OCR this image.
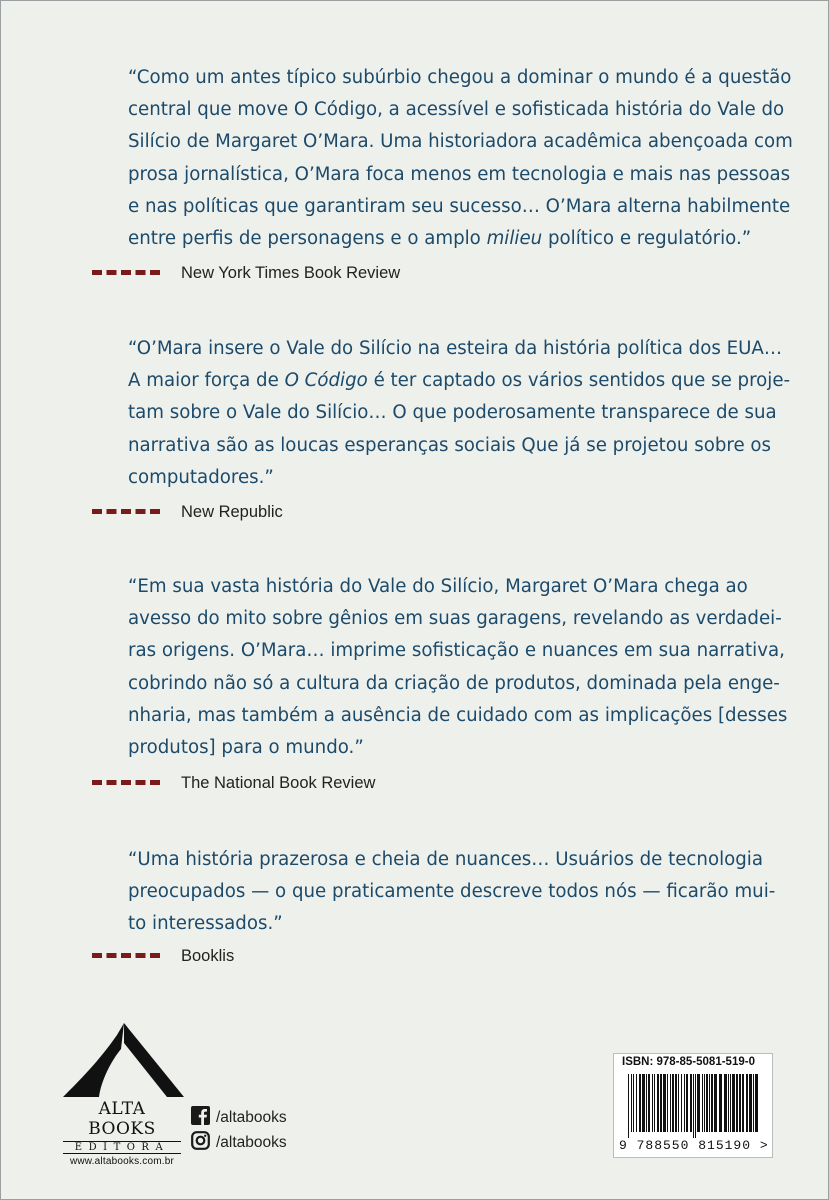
“Como um antes típico subúrbio chegou a dominar o mundo é a questão
central que move O Código, a acessível e sofisticada história do Vale do
Silício de Margaret O’Mara. Uma historiadora acadêmica abençoada com
prosa jornalística, O’Mara foca menos em tecnologia e mais nas pessoas
e nas políticas que garantiram seu sucesso… O’Mara alterna habilmente
entre perfis de personagens e o amplo milieu político e regulatório.”
New York Times Book Review
“O’Mara insere o Vale do Silício na esteira da história política dos EUA…
A maior força de O Código é ter captado os vários sentidos que se proje-
tam sobre o Vale do Silício… O que poderosamente transparece de sua
narrativa são as loucas esperanças sociais Que já se projetou sobre os
computadores.”
New Republic
“Em sua vasta história do Vale do Silício, Margaret O’Mara chega ao
avesso do mito sobre gênios em suas garagens, revelando as verdadei-
ras origens. O’Mara… imprime sofisticação e nuances em sua narrativa,
cobrindo não só a cultura da criação de produtos, dominada pela enge-
nharia, mas também a ausência de cuidado com as implicações [desses
produtos] para o mundo.”
The National Book Review
“Uma história prazerosa e cheia de nuances… Usuários de tecnologia
preocupados — o que praticamente descreve todos nós — ficarão mui-
to interessados.”
Booklis
ALTA BOOKS
EDITORA
www.altabooks.com.br
/altabooks
/altabooks
ISBN: 978-85-5081-519-0
9 788550 815190 >
